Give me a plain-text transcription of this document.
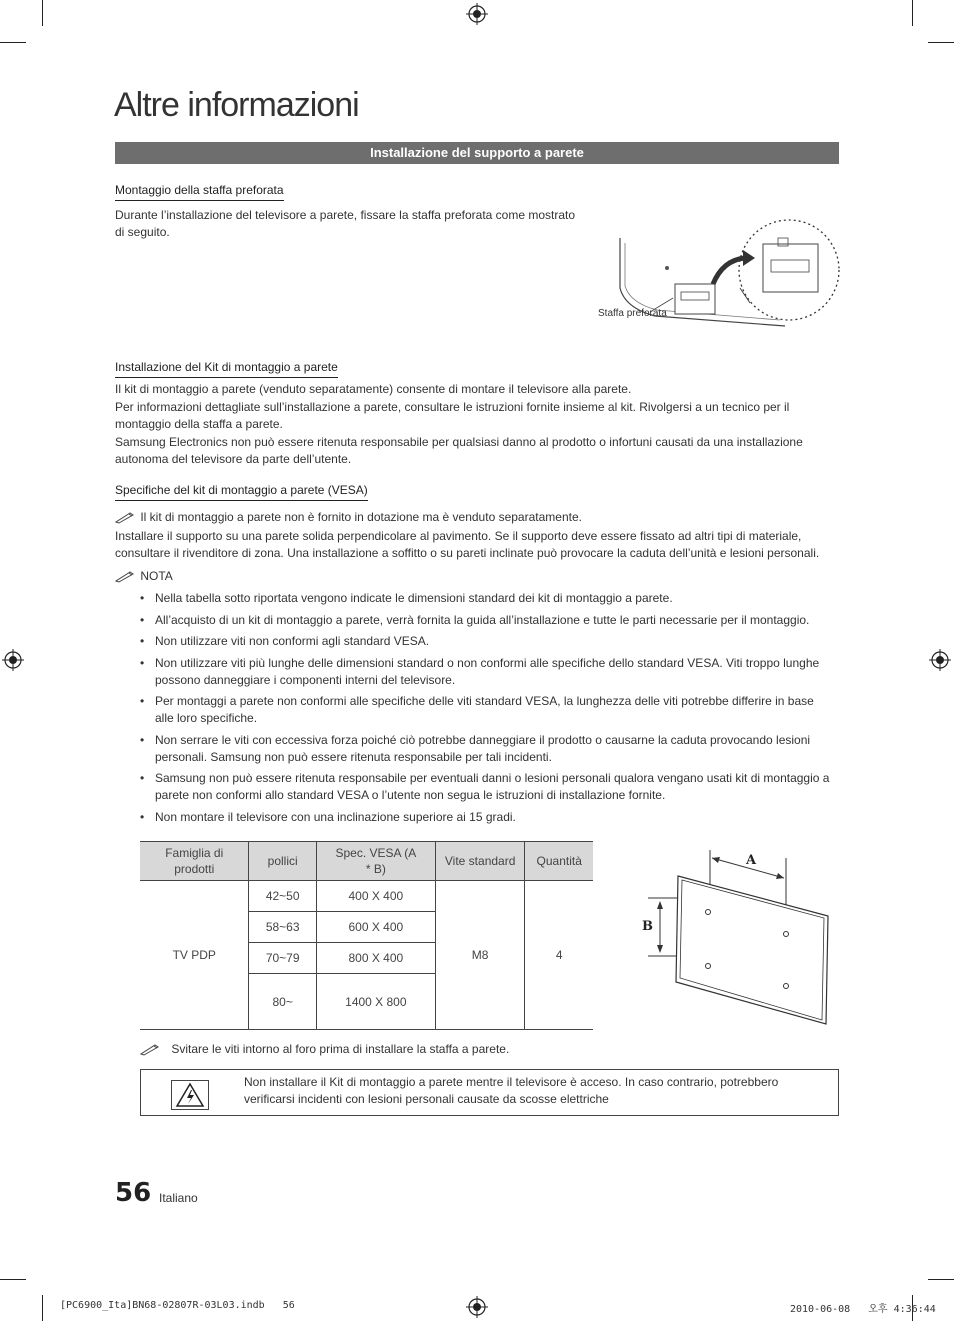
Altre informazioni
Installazione del supporto a parete
Montaggio della staffa preforata
Durante l’installazione del televisore a parete, fissare la staffa preforata come mostrato di seguito.
Staffa preforata
Installazione del Kit di montaggio a parete
Il kit di montaggio a parete (venduto separatamente) consente di montare il televisore alla parete.
Per informazioni dettagliate sull’installazione a parete, consultare le istruzioni fornite insieme al kit. Rivolgersi a un tecnico per il montaggio della staffa a parete.
Samsung Electronics non può essere ritenuta responsabile per qualsiasi danno al prodotto o infortuni causati da una installazione autonoma del televisore da parte dell’utente.
Specifiche del kit di montaggio a parete (VESA)
Il kit di montaggio a parete non è fornito in dotazione ma è venduto separatamente.
Installare il supporto su una parete solida perpendicolare al pavimento. Se il supporto deve essere fissato ad altri tipi di materiale, consultare il rivenditore di zona. Una installazione a soffitto o su pareti inclinate può provocare la caduta dell’unità e lesioni personali.
NOTA
• Nella tabella sotto riportata vengono indicate le dimensioni standard dei kit di montaggio a parete.
• All’acquisto di un kit di montaggio a parete, verrà fornita la guida all’installazione e tutte le parti necessarie per il montaggio.
• Non utilizzare viti non conformi agli standard VESA.
• Non utilizzare viti più lunghe delle dimensioni standard o non conformi alle specifiche dello standard VESA. Viti troppo lunghe possono danneggiare i componenti interni del televisore.
• Per montaggi a parete non conformi alle specifiche delle viti standard VESA, la lunghezza delle viti potrebbe differire in base alle loro specifiche.
• Non serrare le viti con eccessiva forza poiché ciò potrebbe danneggiare il prodotto o causarne la caduta provocando lesioni personali. Samsung non può essere ritenuta responsabile per tali incidenti.
• Samsung non può essere ritenuta responsabile per eventuali danni o lesioni personali qualora vengano usati kit di montaggio a parete non conformi allo standard VESA o l’utente non segua le istruzioni di installazione fornite.
• Non montare il televisore con una inclinazione superiore ai 15 gradi.
Famiglia di prodotti	pollici	Spec. VESA (A * B)	Vite standard	Quantità
TV PDP	42~50	400 X 400	M8	4
	58~63	600 X 400		
	70~79	800 X 400		
	80~	1400 X 800		
A
B
Svitare le viti intorno al foro prima di installare la staffa a parete.
Non installare il Kit di montaggio a parete mentre il televisore è acceso. In caso contrario, potrebbero verificarsi incidenti con lesioni personali causate da scosse elettriche
56 Italiano
[PC6900_Ita]BN68-02807R-03L03.indb   56	2010-06-08   오후 4:36:44
